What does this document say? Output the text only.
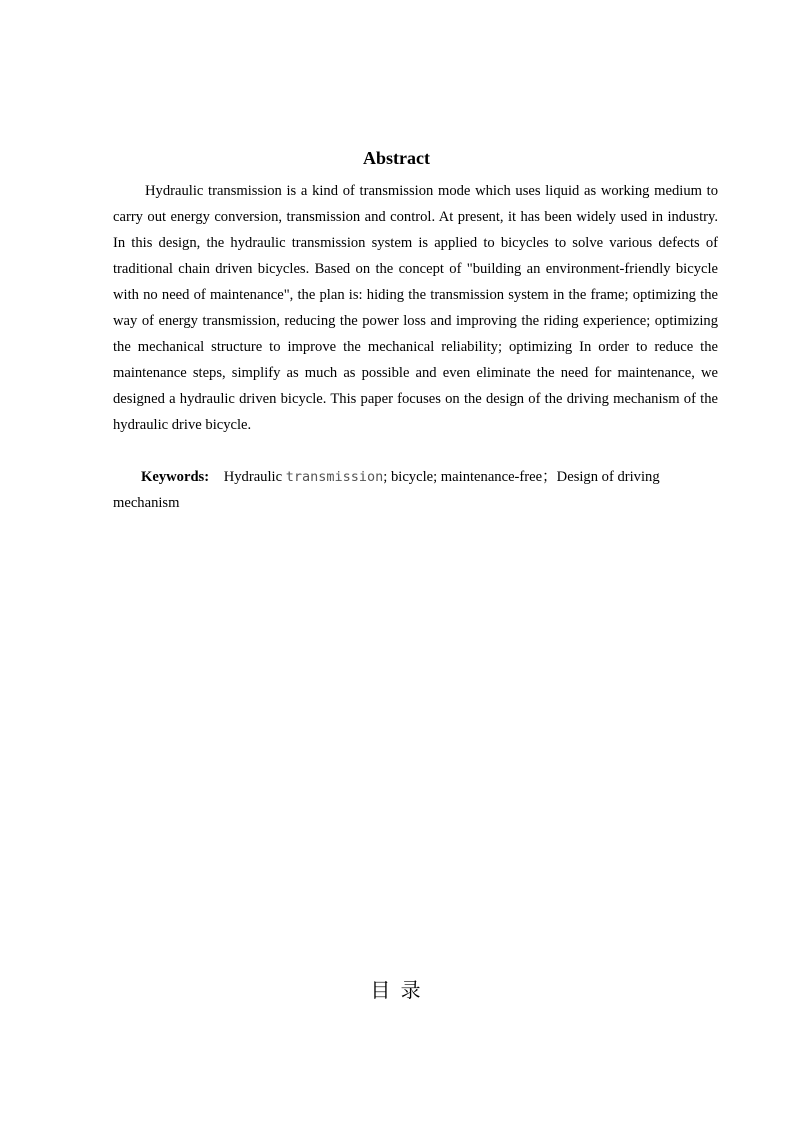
Abstract

Hydraulic transmission is a kind of transmission mode which uses liquid as working medium to carry out energy conversion, transmission and control. At present, it has been widely used in industry. In this design, the hydraulic transmission system is applied to bicycles to solve various defects of traditional chain driven bicycles. Based on the concept of "building an environment-friendly bicycle with no need of maintenance", the plan is: hiding the transmission system in the frame; optimizing the way of energy transmission, reducing the power loss and improving the riding experience; optimizing the mechanical structure to improve the mechanical reliability; optimizing In order to reduce the maintenance steps, simplify as much as possible and even eliminate the need for maintenance, we designed a hydraulic driven bicycle. This paper focuses on the design of the driving mechanism of the hydraulic drive bicycle.

Keywords: Hydraulic transmission; bicycle; maintenance-free；Design of driving mechanism

目 录
